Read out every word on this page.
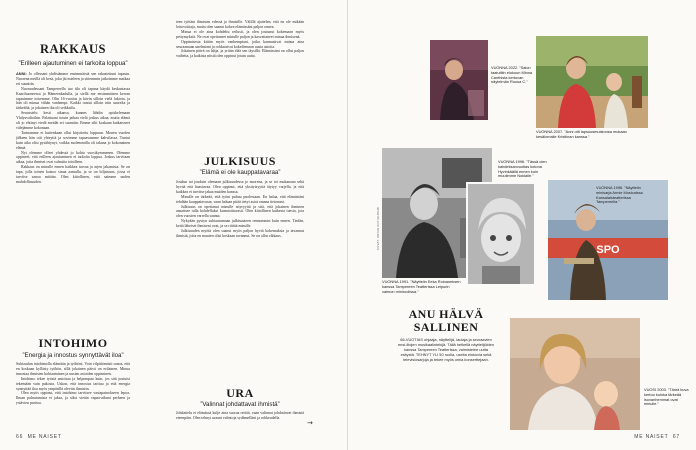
RAKKAUS
”Erilleen ajautuminen ei tarkoita loppua”

ANNI: Jo ollessani yhdistämme ensimmäistä sen rakastettuni tapasin. Nuorena meillä oli kesä, joka jäi mieleen ja sittemmin jatkoimme matkaa eri suuntiin.

Nuoruudessani Tampereella tuo tila oli tapana käydä keskustassa Kaarihuoneessa ja Hämeenkadulla, ja siellä me ensimmäisen kerran tapasimme toisemme. Olin 16-vuotias ja kävin silloin vielä lukiota, ja hän oli minua vähän vanhempi. Kaikki tuntui silloin niin suurelta ja tärkeältä, ja jokainen ilta oli seikkailu.

Seurustelu kesti aikansa, kunnes lähdin opiskelemaan Yhdysvaltoihin. Palattuani totuin jatkaa vielä joskus aikaa, mutta elämä oli jo ehtinyt viedä meidät eri suuntiin. Emme silti koskaan katkaisseet välejämme kokonaan.

Tarinamme ei kuitenkaan ollut kirjoitettu loppuun. Monen vuoden jälkeen hän otti yhteyttä ja sovimme tapaavamme kahvilassa. Tuntui kuin aika olisi pysähtynyt, vaikka molemmilla oli takana jo kokonainen elämä.

Nyt olemme olleet yhdessä jo kohta vuosikymmenen. Olemme oppineet, että erilleen ajautuminen ei tarkoita loppua. Joskus tarvitaan aikaa, jotta ihmiset ovat valmiita toisilleen.

Rakkaus on minulle ennen kaikkea turvaa ja arjen jakamista. Se on tapa, jolla toinen katsoo sinua aamulla, ja se on hiljaisuus, jossa ei tarvitse sanoa mitään. Olen kiitollinen, että saimme uuden mahdollisuuden.

INTOHIMO
”Energia ja innostus synnyttävät iloa”

Suhtaudun intohimolla elämään ja työhöni. Voin vilpittömästi sanoa, että en koskaan kyllästy työhön, sillä jokainen päivä on erilainen. Minua innostaa ihmisten kohtaaminen ja uusien asioiden oppiminen.

Intohimo tekee työstä antoisaa ja helpompaa kuin, jos sitä joutuisi tekemään vain pakosta. Uskon, että innostus tarttuu ja että energia synnyttää iloa myös ympärillä oleviin ihmisiin.

Olen myös oppinut, että intohimo tarvitsee vastapainokseen lepoa. Ilman palautumista ei jaksa, ja siksi vietän vapaa-aikani perheen ja ystävien parissa.

teen työtäni ihmisten edessä ja ihmisille. Välillä ajattelen, että en ole mikään lottovoittaja, mutta olen saanut kokea elämässäni paljon onnea.

Minua ei ole aina kohdeltu reilusti, ja olen joutunut kokemaan myös pettymyksiä. Ne ovat opettaneet minulle paljon ja kasvattaneet minua ihmisenä.

Oppimisesta kiitän myös vanhempiani, jotka kannustivat minua aina seuraamaan unelmiani ja rohkaisivat kokeilemaan uusia asioita.

Jokainen päivä on lahja, ja yritän elää sen täysillä. Elämässäni on ollut paljon vaiheita, ja kaikista niistä olen oppinut jotain uutta.

JULKISUUS
”Elämä ei ole kauppatavaraa”

Joudun tai jouduin olemaan julkisuudessa jo nuorena, ja se toi mukanaan sekä hyvää että haastavaa. Olen oppinut, että yksityisyyttä täytyy varjella, ja että kaikkea ei tarvitse jakaa muiden kanssa.

Minulle on tärkeää, että työni puhuu puolestaan. En halua, että elämästäni tehdään kauppatavaraa, vaan haluan pitää tietyt asiat omana tietonani.

Julkisuus on opettanut minulle nöyryyttä ja sitä, että jokainen ihminen ansaitsee tulla kohdelluksi kunnioittavasti. Olen kiitollinen kaikesta tuesta, jota olen vuosien varrella saanut.

Nykyään pystyn suhtautumaan julkisuuteen rennommin kuin ennen. Tiedän, keitä läheiset ihmiseni ovat, ja se riittää minulle.

Julkisuuden myötä olen saanut myös paljon hyviä kokemuksia ja tavannut ihmisiä, joita en muuten olisi koskaan tavannut. Se on ollut rikkaus.

URA
”Valinnat johdattavat ihmistä”

Johdattelu ei elämässä kulje aina suoraa reittiä, vaan valinnat johdattavat ihmistä eteenpäin. Olen tehnyt uraani valintoja sydämelläni ja rohkeudella.

→
66 ME NAISET
VUONNA 2022. ”Salon taatuttiin elokuun Minna Canthista kertovan näytelmän Rousa C.”
VUONNA 2007. ”Anni otti lapsuusmuistonsa mukaan kesälomalle Kristiinan kanssa.”
KUVAT: ANNIN KOTIALBUMI
VUONNA 1996. ”Tässä olen kahdeksanvuotias kotona Hyvinkäällä ennen kuin muutimme Nokialle.”
SPO
VUONNA 1996. ”Näyttelin minisarja Annie Musicalssa Kansalaisteatterissa Tampereella.”
VUONNA 1991. ”Näyttelin Eeka Roinaneksen kanssa Tampereen Teatterissa Leipurin vaimon miniroolissa.”
ANU HÄLVÄ
SALLINEN
66-VUOTIAS ohjaaja, näyttelijä, laulaja ja seuraavien ensi-iltojen musikaalintekijä. Tällä hetkellä näyttelijöiden kanssa Tampereen Teatterissa, valmistelee uutta esitystä. TEHNYT YLI 50 roolia, useita elokuvia sekä televisiosarjoja ja tekee myös omia konserttejaan.
VUOSI 2003. ”Tämä kuva kertoo kuinka tärkeää isovanhemmat ovat minulle.”
ME NAISET 67
